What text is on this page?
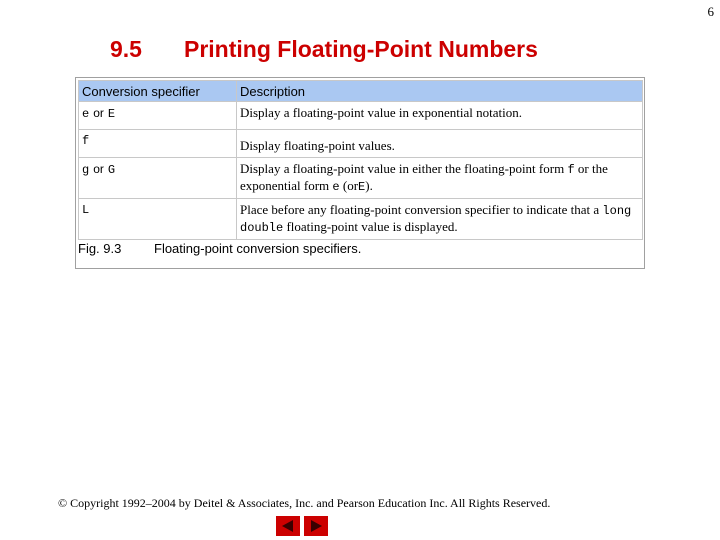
6
9.5 Printing Floating-Point Numbers
Conversion specifier	Description
e or E	Display a floating-point value in exponential notation.
f	Display floating-point values.
g or G	Display a floating-point value in either the floating-point form f or the exponential form e (orE).
L	Place before any floating-point conversion specifier to indicate that a long double floating-point value is displayed.
Fig. 9.3	Floating-point conversion specifiers.
© Copyright 1992–2004 by Deitel & Associates, Inc. and Pearson Education Inc. All Rights Reserved.
